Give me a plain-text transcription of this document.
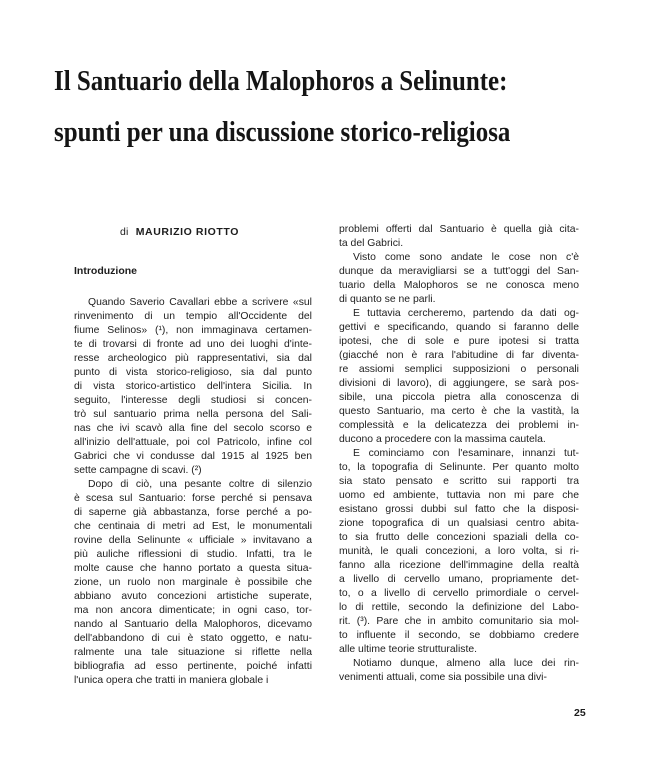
Il Santuario della Malophoros a Selinunte:
spunti per una discussione storico-religiosa
di MAURIZIO RIOTTO
Introduzione
Quando Saverio Cavallari ebbe a scrivere «sul
rinvenimento di un tempio all'Occidente del
fiume Selinos» (¹), non immaginava certamen-
te di trovarsi di fronte ad uno dei luoghi d'inte-
resse archeologico più rappresentativi, sia dal
punto di vista storico-religioso, sia dal punto
di vista storico-artistico dell'intera Sicilia. In
seguito, l'interesse degli studiosi si concen-
trò sul santuario prima nella persona del Sali-
nas che ivi scavò alla fine del secolo scorso e
all'inizio dell'attuale, poi col Patricolo, infine col
Gabrici che vi condusse dal 1915 al 1925 ben
sette campagne di scavi. (²)
Dopo di ciò, una pesante coltre di silenzio
è scesa sul Santuario: forse perché si pensava
di saperne già abbastanza, forse perché a po-
che centinaia di metri ad Est, le monumentali
rovine della Selinunte « ufficiale » invitavano a
più auliche riflessioni di studio. Infatti, tra le
molte cause che hanno portato a questa situa-
zione, un ruolo non marginale è possibile che
abbiano avuto concezioni artistiche superate,
ma non ancora dimenticate; in ogni caso, tor-
nando al Santuario della Malophoros, dicevamo
dell'abbandono di cui è stato oggetto, e natu-
ralmente una tale situazione si riflette nella
bibliografia ad esso pertinente, poiché infatti
l'unica opera che tratti in maniera globale i
problemi offerti dal Santuario è quella già cita-
ta del Gabrici.
Visto come sono andate le cose non c'è
dunque da meravigliarsi se a tutt'oggi del San-
tuario della Malophoros se ne conosca meno
di quanto se ne parli.
E tuttavia cercheremo, partendo da dati og-
gettivi e specificando, quando si faranno delle
ipotesi, che di sole e pure ipotesi si tratta
(giacché non è rara l'abitudine di far diventa-
re assiomi semplici supposizioni o personali
divisioni di lavoro), di aggiungere, se sarà pos-
sibile, una piccola pietra alla conoscenza di
questo Santuario, ma certo è che la vastità, la
complessità e la delicatezza dei problemi in-
ducono a procedere con la massima cautela.
E cominciamo con l'esaminare, innanzi tut-
to, la topografia di Selinunte. Per quanto molto
sia stato pensato e scritto sui rapporti tra
uomo ed ambiente, tuttavia non mi pare che
esistano grossi dubbi sul fatto che la disposi-
zione topografica di un qualsiasi centro abita-
to sia frutto delle concezioni spaziali della co-
munità, le quali concezioni, a loro volta, si ri-
fanno alla ricezione dell'immagine della realtà
a livello di cervello umano, propriamente det-
to, o a livello di cervello primordiale o cervel-
lo di rettile, secondo la definizione del Labo-
rit. (³). Pare che in ambito comunitario sia mol-
to influente il secondo, se dobbiamo credere
alle ultime teorie strutturaliste.
Notiamo dunque, almeno alla luce dei rin-
venimenti attuali, come sia possibile una divi-
25
